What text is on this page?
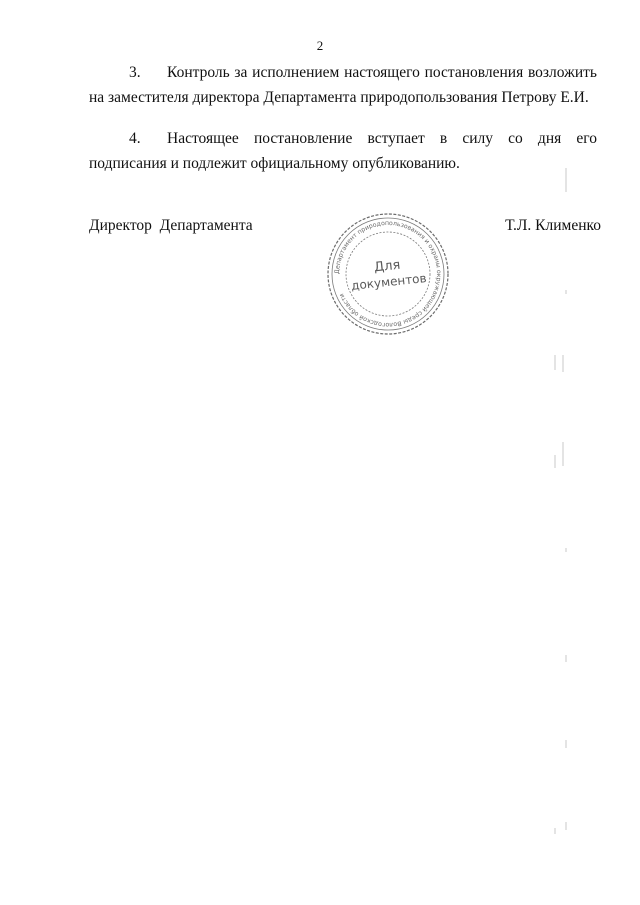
2
3. Контроль за исполнением настоящего постановления возложить на заместителя директора Департамента природопользования Петрову Е.И.
4. Настоящее постановление вступает в силу со дня его подписания и подлежит официальному опубликованию.
Директор  Департамента	Т.Л. Клименко
Департамент природопользования и охраны окружающей среды Вологодской области
Для
документов
